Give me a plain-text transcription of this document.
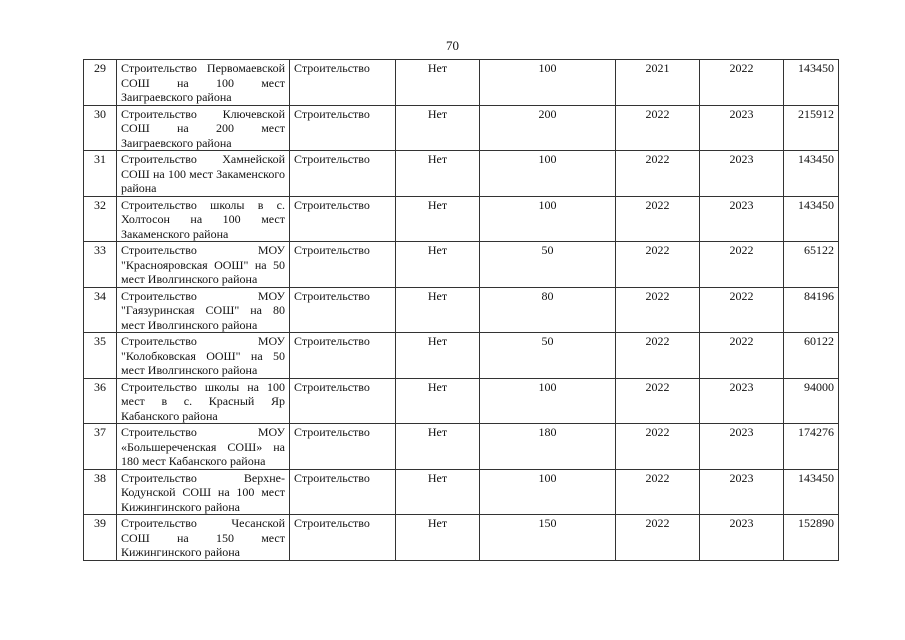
70
29	Строительство Первомаевской СОШ на 100 мест Заиграевского района	Строительство	Нет	100	2021	2022	143450
30	Строительство Ключевской СОШ на 200 мест Заиграевского района	Строительство	Нет	200	2022	2023	215912
31	Строительство Хамнейской СОШ на 100 мест Закаменского района	Строительство	Нет	100	2022	2023	143450
32	Строительство школы в с. Холтосон на 100 мест Закаменского района	Строительство	Нет	100	2022	2023	143450
33	Строительство МОУ "Краснояровская ООШ" на 50 мест Иволгинского района	Строительство	Нет	50	2022	2022	65122
34	Строительство МОУ "Гаязуринская СОШ" на 80 мест Иволгинского района	Строительство	Нет	80	2022	2022	84196
35	Строительство МОУ "Колобковская ООШ" на 50 мест Иволгинского района	Строительство	Нет	50	2022	2022	60122
36	Строительство школы на 100 мест в с. Красный Яр Кабанского района	Строительство	Нет	100	2022	2023	94000
37	Строительство МОУ «Большереченская СОШ» на 180 мест Кабанского района	Строительство	Нет	180	2022	2023	174276
38	Строительство Верхне-Кодунской СОШ на 100 мест Кижингинского района	Строительство	Нет	100	2022	2023	143450
39	Строительство Чесанской СОШ на 150 мест Кижингинского района	Строительство	Нет	150	2022	2023	152890
